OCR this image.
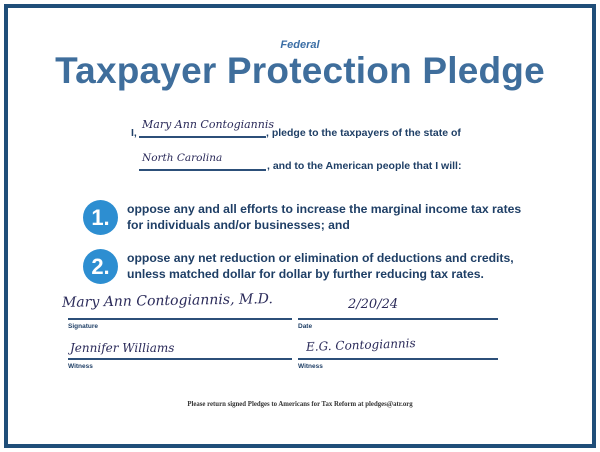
Federal
Taxpayer Protection Pledge
I,
Mary Ann Contogiannis
, pledge to the taxpayers of the state of
North Carolina
, and to the American people that I will:
1.	oppose any and all efforts to increase the marginal income tax rates
for individuals and/or businesses; and
2.	oppose any net reduction or elimination of deductions and credits,
unless matched dollar for dollar by further reducing tax rates.
Mary Ann Contogiannis, M.D.
Signature
2/20/24
Date
Jennifer Williams
Witness
E.G. Contogiannis
Witness
Please return signed Pledges to Americans for Tax Reform at pledges@atr.org
